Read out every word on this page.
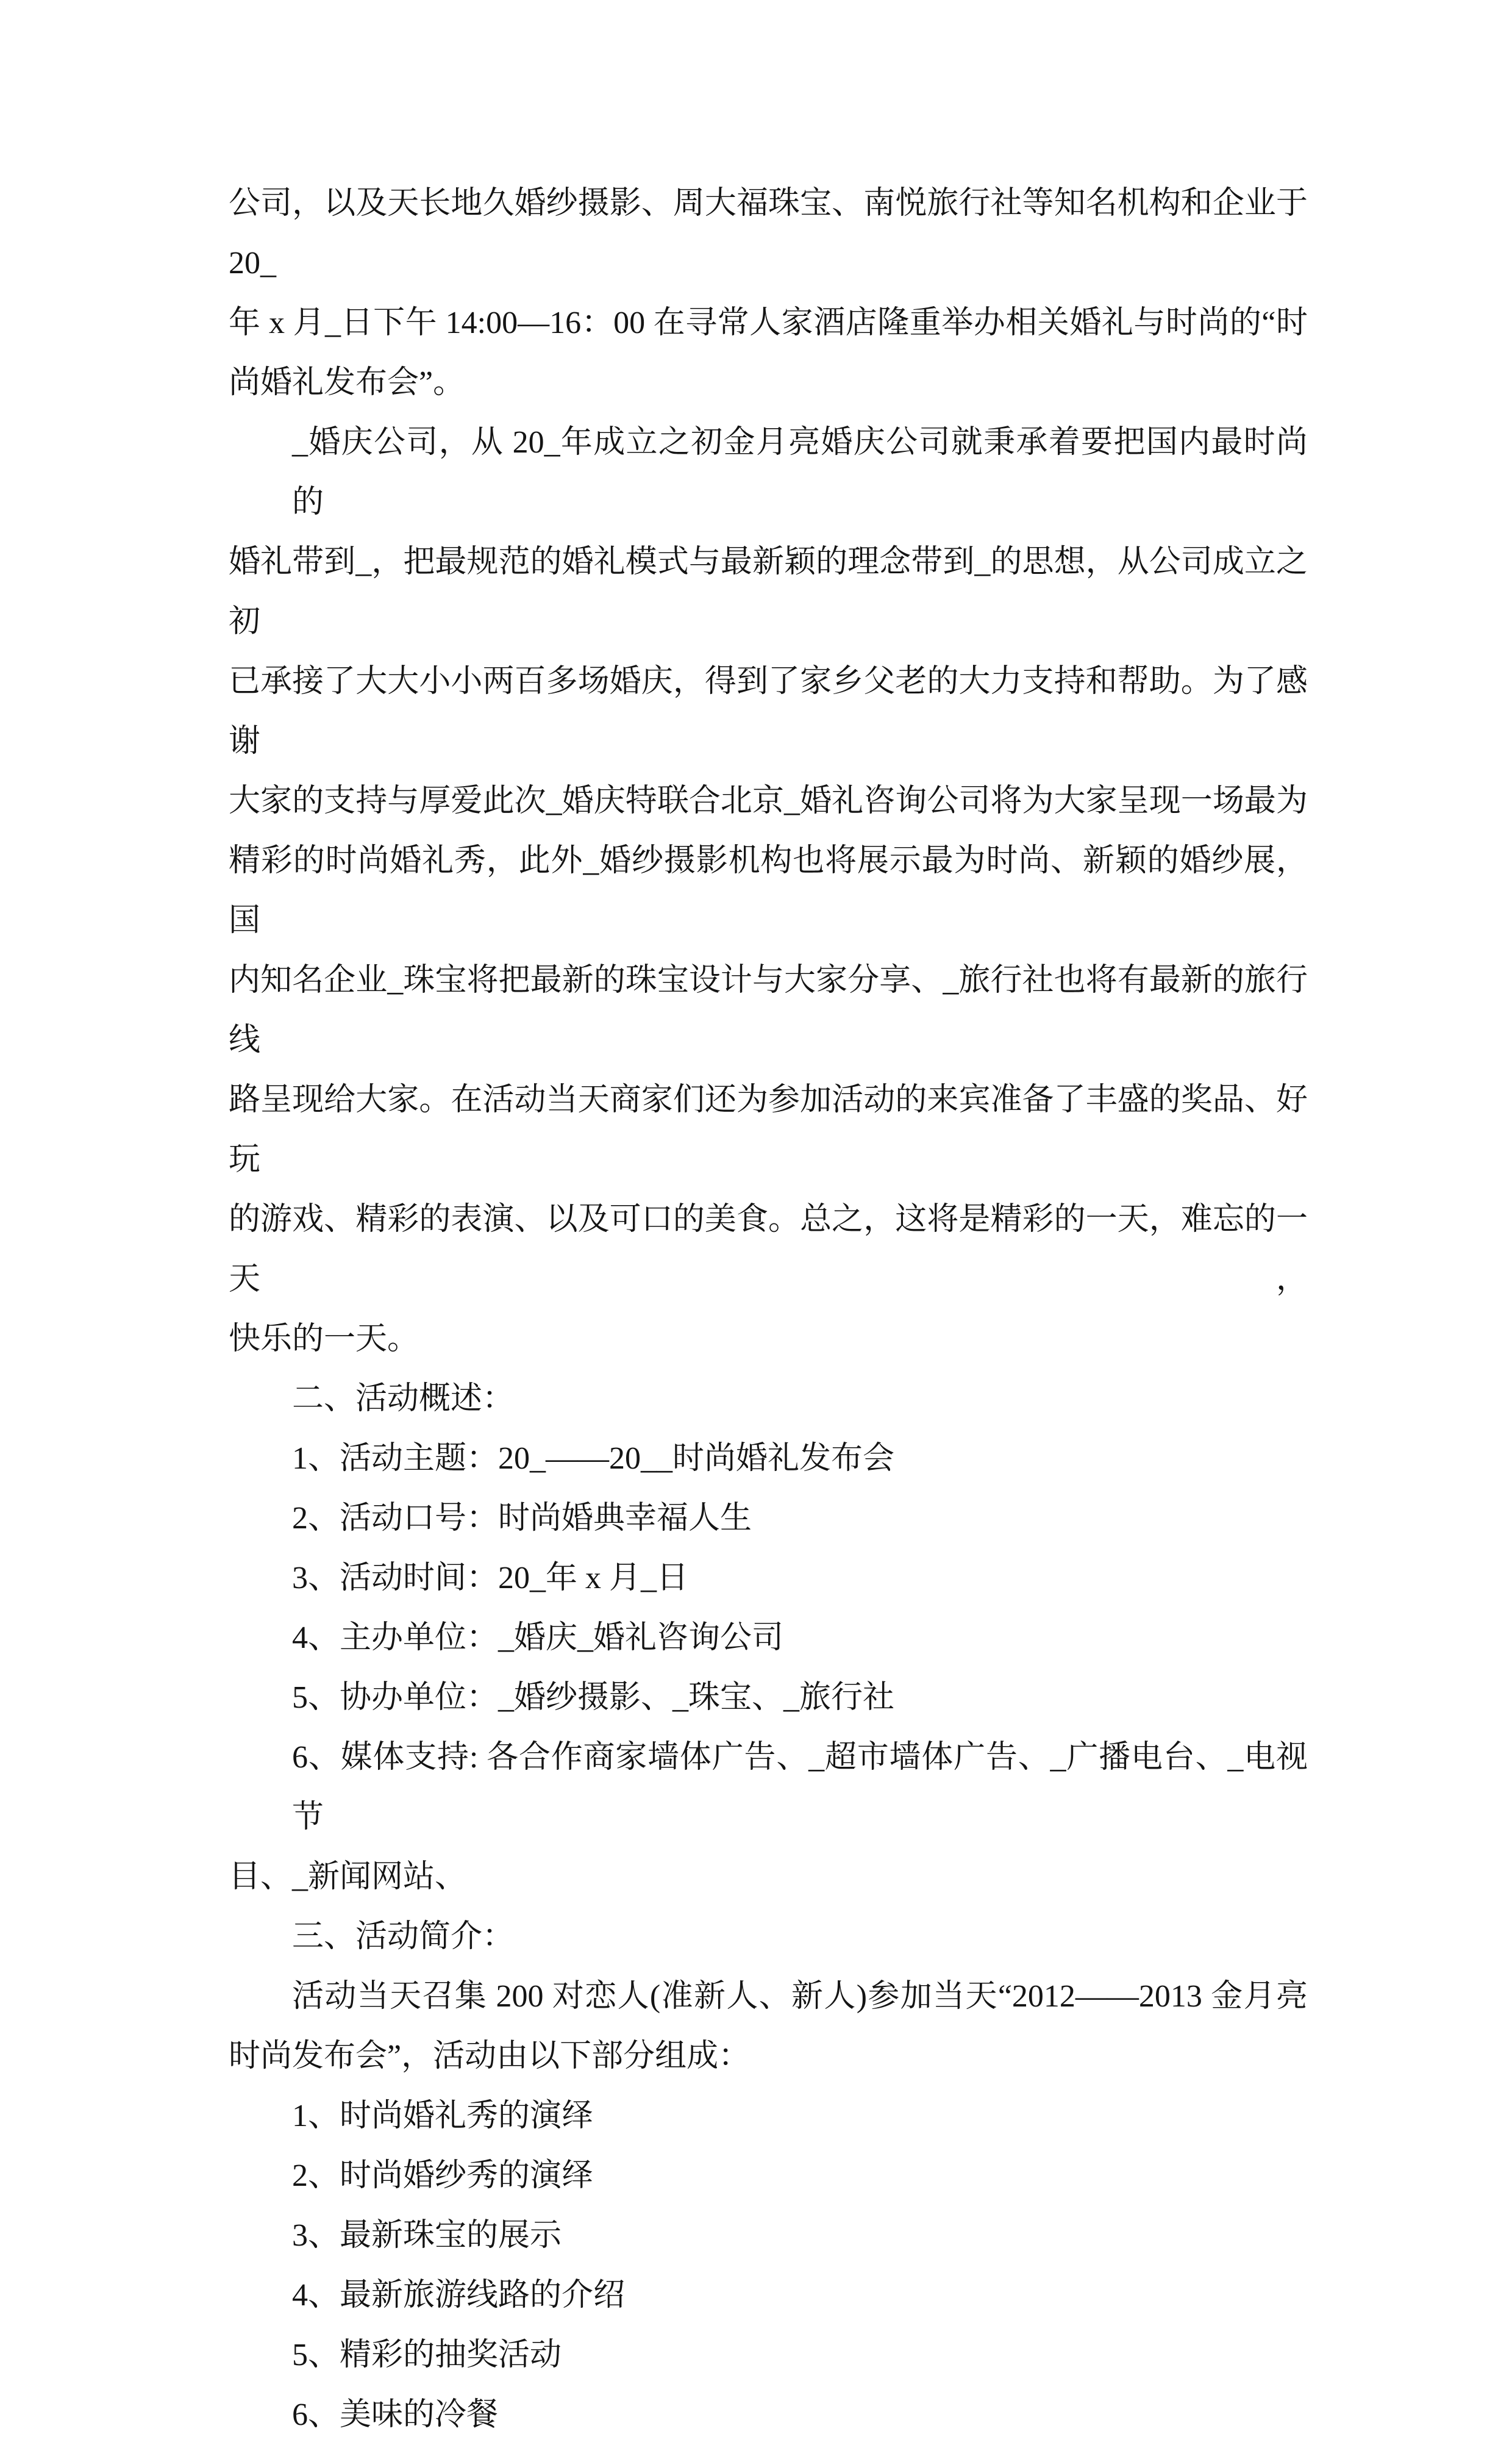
公司，以及天长地久婚纱摄影、周大福珠宝、南悦旅行社等知名机构和企业于 20_
年 x 月_日下午 14:00—16：00 在寻常人家酒店隆重举办相关婚礼与时尚的“时
尚婚礼发布会”。
_婚庆公司，从 20_年成立之初金月亮婚庆公司就秉承着要把国内最时尚的
婚礼带到_，把最规范的婚礼模式与最新颖的理念带到_的思想，从公司成立之初
已承接了大大小小两百多场婚庆，得到了家乡父老的大力支持和帮助。为了感谢
大家的支持与厚爱此次_婚庆特联合北京_婚礼咨询公司将为大家呈现一场最为
精彩的时尚婚礼秀，此外_婚纱摄影机构也将展示最为时尚、新颖的婚纱展，国
内知名企业_珠宝将把最新的珠宝设计与大家分享、_旅行社也将有最新的旅行线
路呈现给大家。在活动当天商家们还为参加活动的来宾准备了丰盛的奖品、好玩
的游戏、精彩的表演、以及可口的美食。总之，这将是精彩的一天，难忘的一天，
快乐的一天。
二、活动概述：
1、活动主题：20_——20__时尚婚礼发布会
2、活动口号：时尚婚典幸福人生
3、活动时间：20_年 x 月_日
4、主办单位：_婚庆_婚礼咨询公司
5、协办单位：_婚纱摄影、_珠宝、_旅行社
6、媒体支持: 各合作商家墙体广告、_超市墙体广告、_广播电台、_电视节
目、_新闻网站、
三、活动简介：
活动当天召集 200 对恋人(准新人、新人)参加当天“2012——2013 金月亮
时尚发布会”，活动由以下部分组成：
1、时尚婚礼秀的演绎
2、时尚婚纱秀的演绎
3、最新珠宝的展示
4、最新旅游线路的介绍
5、精彩的抽奖活动
6、美味的冷餐
